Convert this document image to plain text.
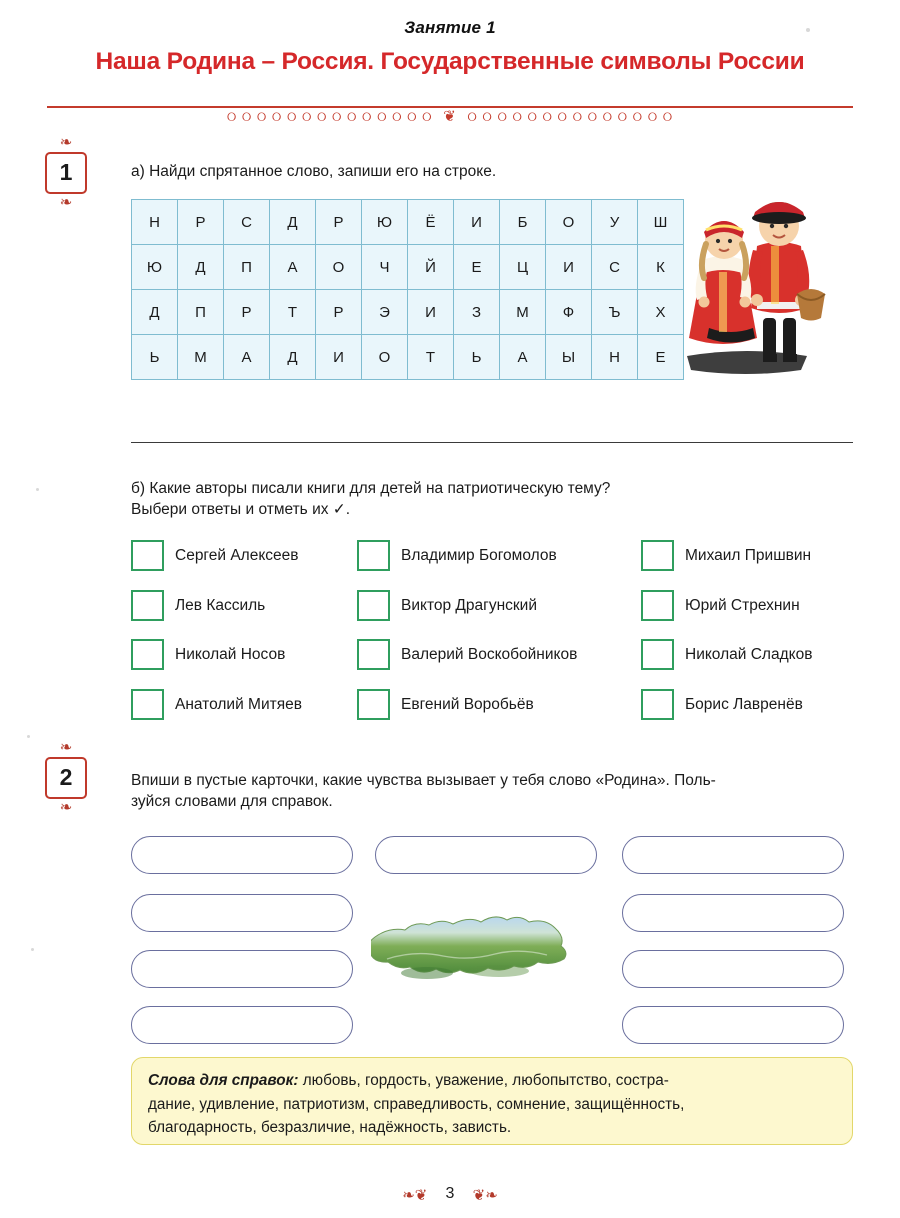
Занятие 1
Наша Родина – Россия. Государственные символы России
୦ ୦ ୦ ୦ ୦ ୦ ୦ ୦ ୦ ୦ ୦ ୦ ୦ ୦ ❦ ୦ ୦ ୦ ୦ ୦ ୦ ୦ ୦ ୦ ୦ ୦ ୦ ୦ ୦
❧
1
❧
а) Найди спрятанное слово, запиши его на строке.
Н	Р	С	Д	Р	Ю	Ё	И	Б	О	У	Ш
Ю	Д	П	А	О	Ч	Й	Е	Ц	И	С	К
Д	П	Р	Т	Р	Э	И	З	М	Ф	Ъ	Х
Ь	М	А	Д	И	О	Т	Ь	А	Ы	Н	Е
б) Какие авторы писали книги для детей на патриотическую тему?
Выбери ответы и отметь их ✓.
Сергей Алексеев
Лев Кассиль
Николай Носов
Анатолий Митяев
Владимир Богомолов
Виктор Драгунский
Валерий Воскобойников
Евгений Воробьёв
Михаил Пришвин
Юрий Стрехнин
Николай Сладков
Борис Лавренёв
❧
2
❧
Впиши в пустые карточки, какие чувства вызывает у тебя слово «Родина». Поль-
зуйся словами для справок.
Слова для справок: любовь, гордость, уважение, любопытство, состра-
дание, удивление, патриотизм, справедливость, сомнение, защищённость,
благодарность, безразличие, надёжность, зависть.
❧❦ 3 ❦❧
